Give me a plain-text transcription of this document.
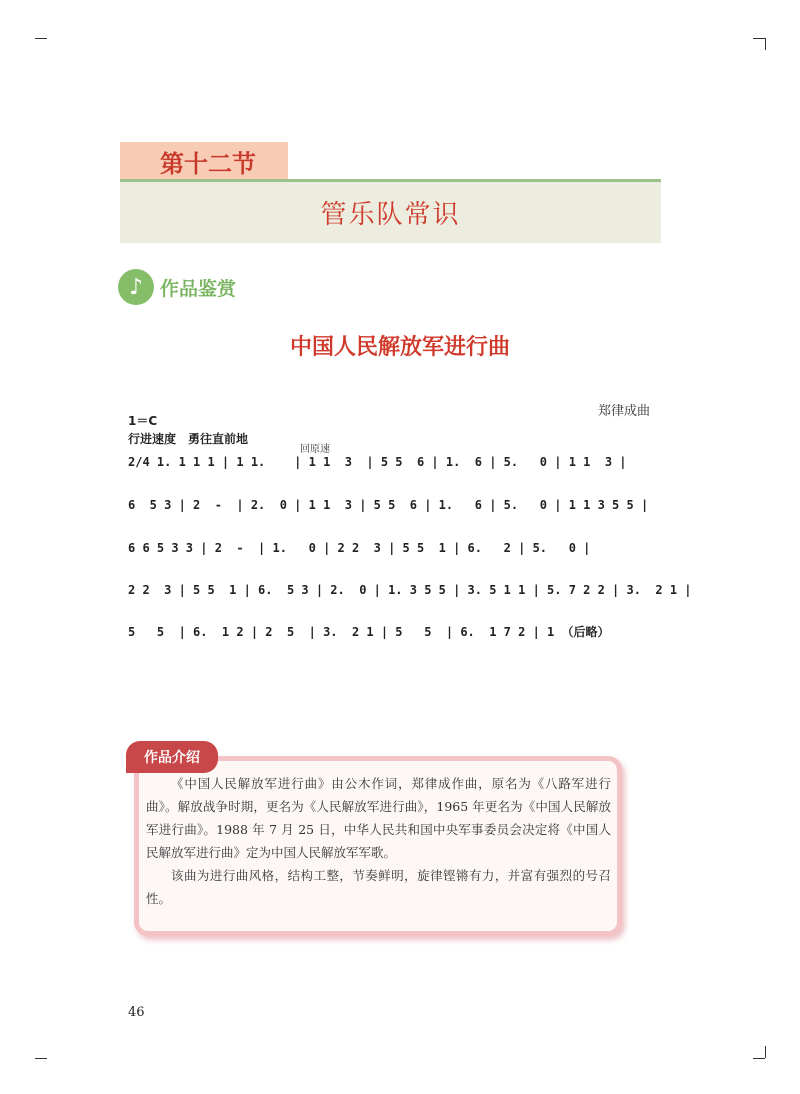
第十二节
管乐队常识
♪ 作品鉴赏
中国人民解放军进行曲
郑律成曲
1＝C
行进速度　勇往直前地
回原速
2/4 1. 1 1 1 | 1 1.    | 1 1  3  | 5 5  6 | 1.  6 | 5.   0 | 1 1  3 |
6  5 3 | 2  -  | 2.  0 | 1 1  3 | 5 5  6 | 1.   6 | 5.   0 | 1 1 3 5 5 |
6 6 5 3 3 | 2  -  | 1.   0 | 2 2  3 | 5 5  1 | 6.   2 | 5.   0 |
2 2  3 | 5 5  1 | 6.  5 3 | 2.  0 | 1. 3 5 5 | 3. 5 1 1 | 5. 7 2 2 | 3.  2 1 |
5   5  | 6.  1 2 | 2  5  | 3.  2 1 | 5   5  | 6.  1 7 2 | 1 （后略）
作品介绍

《中国人民解放军进行曲》由公木作词，郑律成作曲，原名为《八路军进行曲》。解放战争时期，更名为《人民解放军进行曲》，1965 年更名为《中国人民解放军进行曲》。1988 年 7 月 25 日，中华人民共和国中央军事委员会决定将《中国人民解放军进行曲》定为中国人民解放军军歌。

该曲为进行曲风格，结构工整，节奏鲜明，旋律铿锵有力，并富有强烈的号召性。

46
